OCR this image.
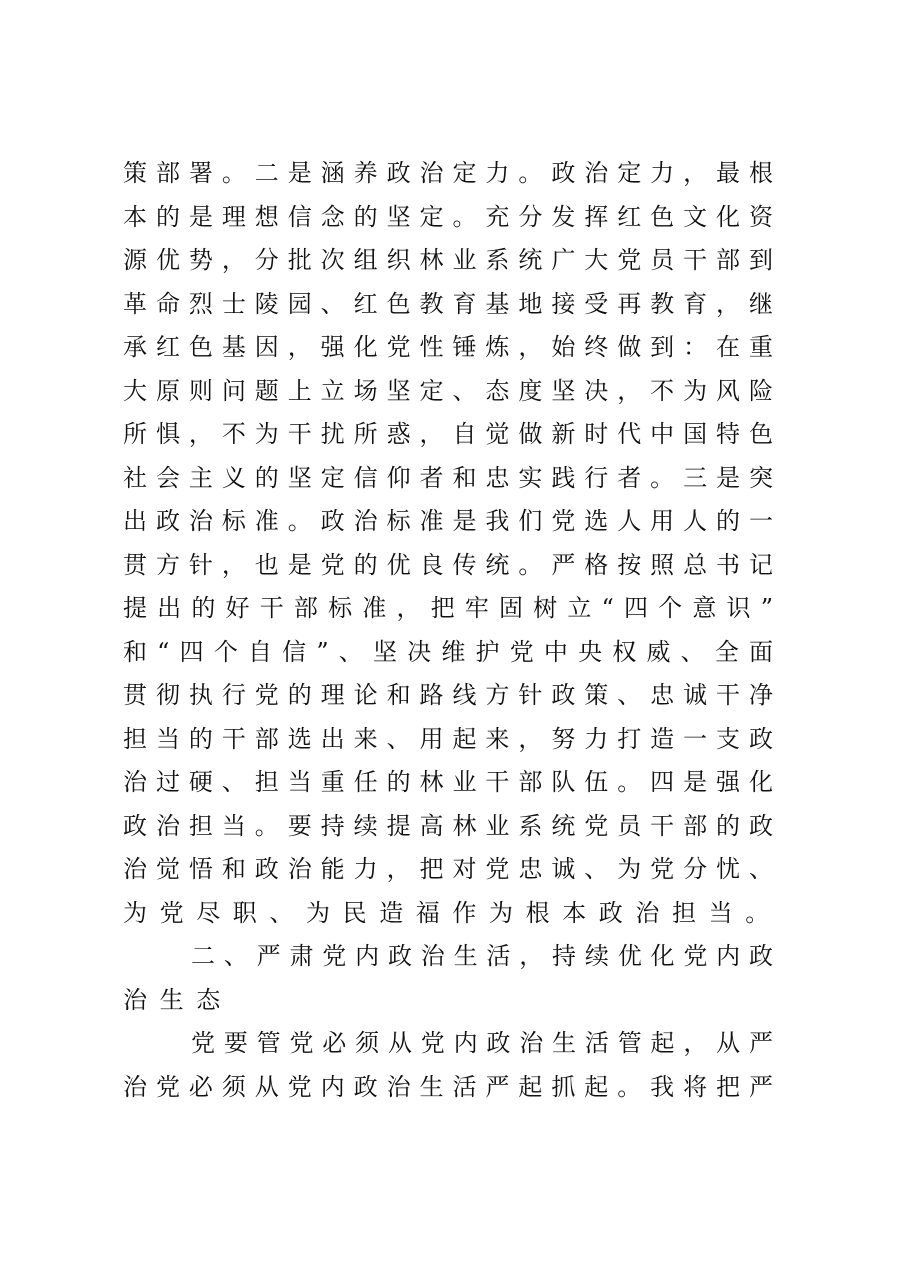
策部署。二是涵养政治定力。政治定力，最根
本的是理想信念的坚定。充分发挥红色文化资
源优势，分批次组织林业系统广大党员干部到
革命烈士陵园、红色教育基地接受再教育，继
承红色基因，强化党性锤炼，始终做到：在重
大原则问题上立场坚定、态度坚决，不为风险
所惧，不为干扰所惑，自觉做新时代中国特色
社会主义的坚定信仰者和忠实践行者。三是突
出政治标准。政治标准是我们党选人用人的一
贯方针，也是党的优良传统。严格按照总书记
提出的好干部标准，把牢固树立“四个意识”
和“四个自信”、坚决维护党中央权威、全面
贯彻执行党的理论和路线方针政策、忠诚干净
担当的干部选出来、用起来，努力打造一支政
治过硬、担当重任的林业干部队伍。四是强化
政治担当。要持续提高林业系统党员干部的政
治觉悟和政治能力，把对党忠诚、为党分忧、
为党尽职、为民造福作为根本政治担当。
二、严肃党内政治生活，持续优化党内政
治生态
党要管党必须从党内政治生活管起，从严
治党必须从党内政治生活严起抓起。我将把严
